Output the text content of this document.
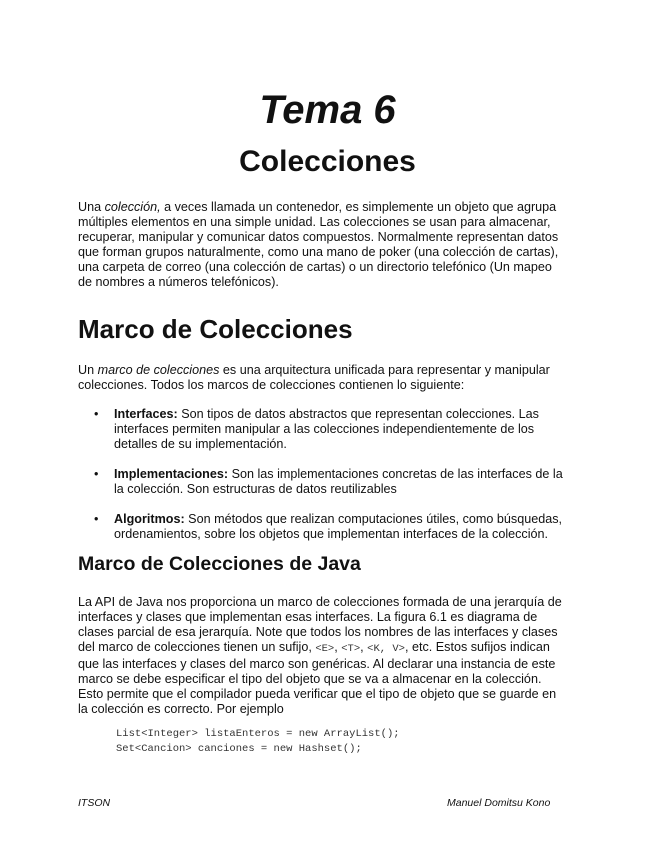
Tema 6
Colecciones
Una colección, a veces llamada un contenedor, es simplemente un objeto que agrupa
múltiples elementos en una simple unidad. Las colecciones se usan para almacenar,
recuperar, manipular y comunicar datos compuestos. Normalmente representan datos
que forman grupos naturalmente, como una mano de poker (una colección de cartas),
una carpeta de correo (una colección de cartas) o un directorio telefónico (Un mapeo
de nombres a números telefónicos).
Marco de Colecciones
Un marco de colecciones es una arquitectura unificada para representar y manipular
colecciones. Todos los marcos de colecciones contienen lo siguiente:
• Interfaces: Son tipos de datos abstractos que representan colecciones. Las
interfaces permiten manipular a las colecciones independientemente de los
detalles de su implementación.
• Implementaciones: Son las implementaciones concretas de las interfaces de la
la colección. Son estructuras de datos reutilizables
• Algoritmos: Son métodos que realizan computaciones útiles, como búsquedas,
ordenamientos, sobre los objetos que implementan interfaces de la colección.
Marco de Colecciones de Java
La API de Java nos proporciona un marco de colecciones formada de una jerarquía de
interfaces y clases que implementan esas interfaces. La figura 6.1 es diagrama de
clases parcial de esa jerarquía. Note que todos los nombres de las interfaces y clases
del marco de colecciones tienen un sufijo, <E>, <T>, <K, V>, etc. Estos sufijos indican
que las interfaces y clases del marco son genéricas. Al declarar una instancia de este
marco se debe especificar el tipo del objeto que se va a almacenar en la colección.
Esto permite que el compilador pueda verificar que el tipo de objeto que se guarde en
la colección es correcto. Por ejemplo
List<Integer> listaEnteros = new ArrayList();
Set<Cancion> canciones = new Hashset();
ITSON	Manuel Domitsu Kono
